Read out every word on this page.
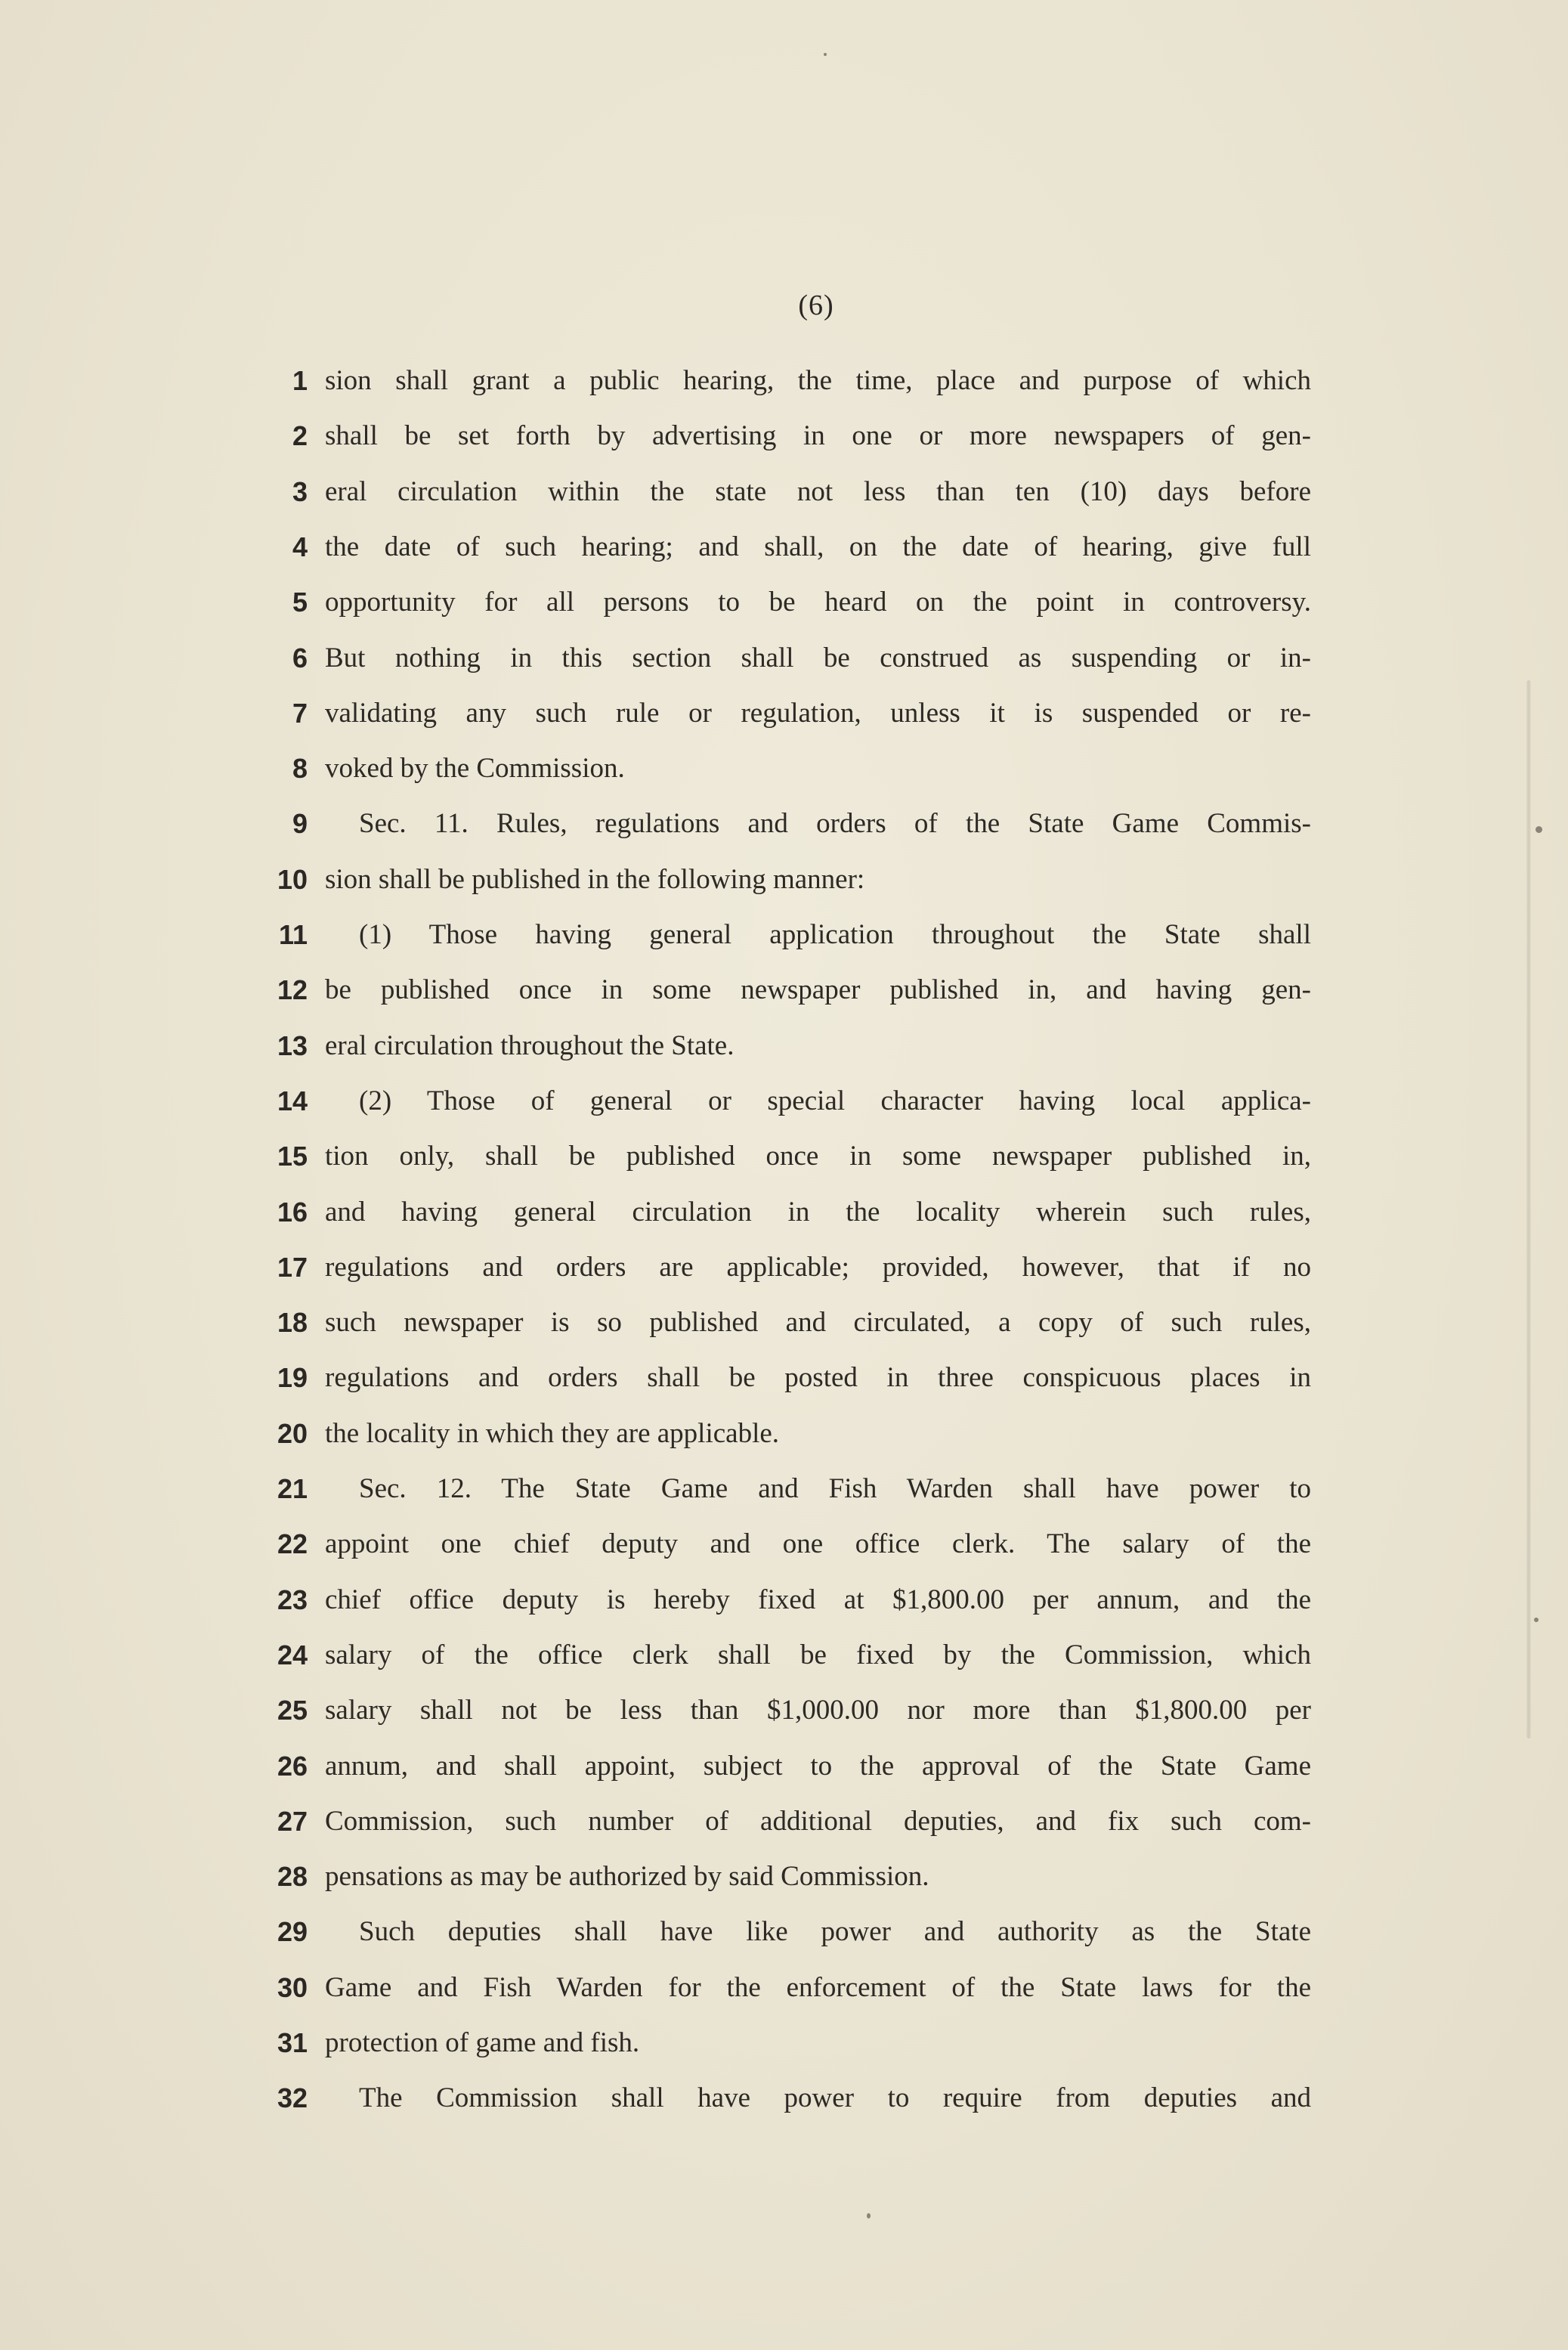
(6)
1 sion shall grant a public hearing, the time, place and purpose of which
2 shall be set forth by advertising in one or more newspapers of gen-
3 eral circulation within the state not less than ten (10) days before
4 the date of such hearing; and shall, on the date of hearing, give full
5 opportunity for all persons to be heard on the point in controversy.
6 But nothing in this section shall be construed as suspending or in-
7 validating any such rule or regulation, unless it is suspended or re-
8 voked by the Commission.
9 Sec. 11. Rules, regulations and orders of the State Game Commis-
10 sion shall be published in the following manner:
11 (1) Those having general application throughout the State shall
12 be published once in some newspaper published in, and having gen-
13 eral circulation throughout the State.
14 (2) Those of general or special character having local applica-
15 tion only, shall be published once in some newspaper published in,
16 and having general circulation in the locality wherein such rules,
17 regulations and orders are applicable; provided, however, that if no
18 such newspaper is so published and circulated, a copy of such rules,
19 regulations and orders shall be posted in three conspicuous places in
20 the locality in which they are applicable.
21 Sec. 12. The State Game and Fish Warden shall have power to
22 appoint one chief deputy and one office clerk. The salary of the
23 chief office deputy is hereby fixed at $1,800.00 per annum, and the
24 salary of the office clerk shall be fixed by the Commission, which
25 salary shall not be less than $1,000.00 nor more than $1,800.00 per
26 annum, and shall appoint, subject to the approval of the State Game
27 Commission, such number of additional deputies, and fix such com-
28 pensations as may be authorized by said Commission.
29 Such deputies shall have like power and authority as the State
30 Game and Fish Warden for the enforcement of the State laws for the
31 protection of game and fish.
32 The Commission shall have power to require from deputies and
